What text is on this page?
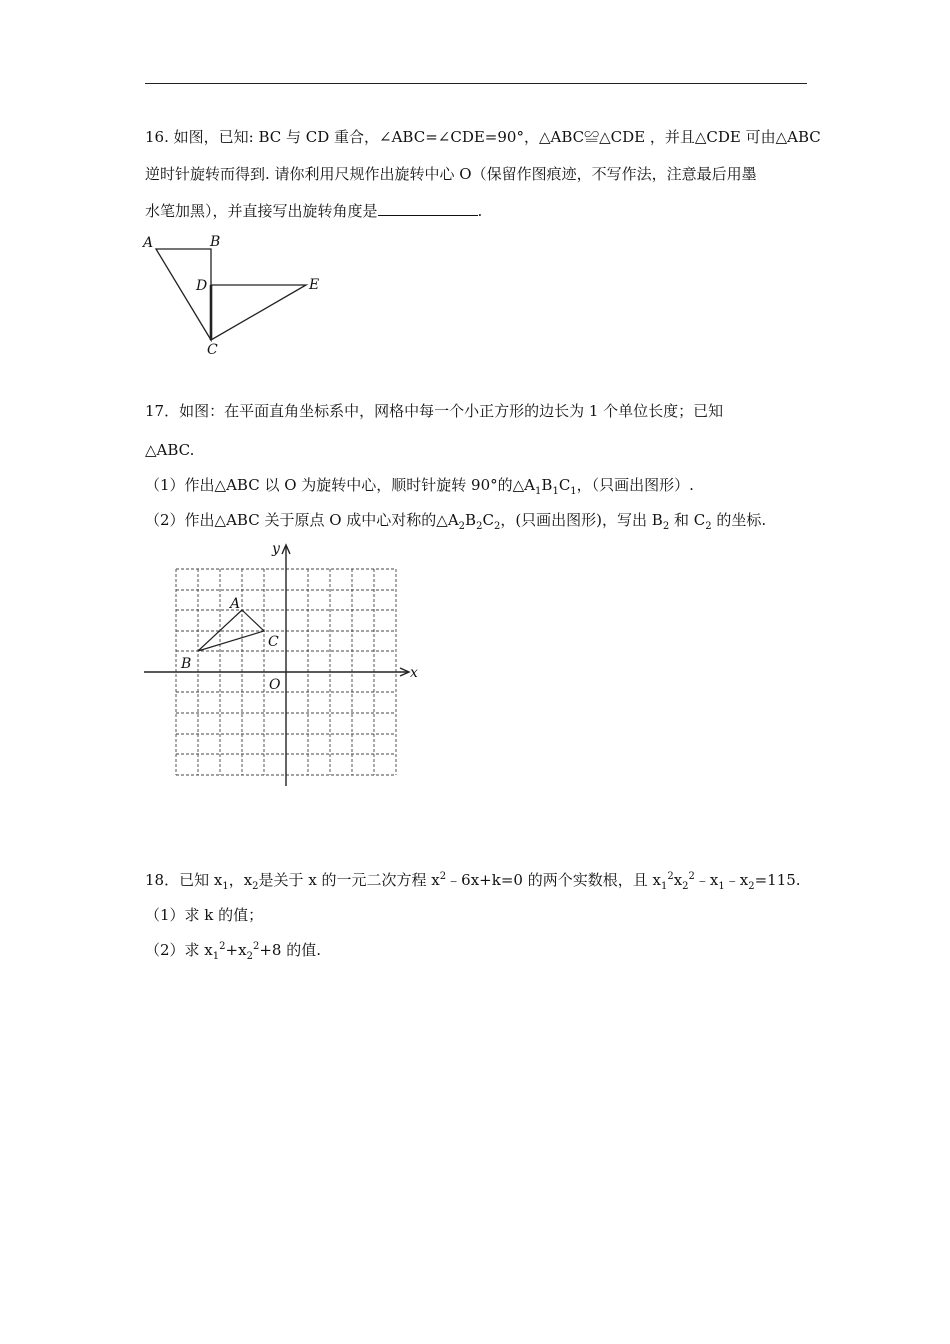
16. 如图，已知: BC 与 CD 重合，∠ABC=∠CDE=90°，△ABC≌△CDE ，并且△CDE 可由△ABC
逆时针旋转而得到. 请你利用尺规作出旋转中心 O（保留作图痕迹，不写作法，注意最后用墨
水笔加黑），并直接写出旋转角度是	.
A	B
D	E
C
17．如图：在平面直角坐标系中，网格中每一个小正方形的边长为 1 个单位长度；已知
△ABC.
（1）作出△ABC 以 O 为旋转中心，顺时针旋转 90°的$\triangle A_1B_1C_1$，（只画出图形）.
（2）作出△ABC 关于原点 O 成中心对称的$\triangle A_2B_2C_2$，(只画出图形)，写出 $B_2$ 和 $C_2$ 的坐标.
y
x
O
A
C
B
18．已知 $x_1$，$x_2$是关于 x 的一元二次方程 $x^2﹣6x+k=0$ 的两个实数根，且 $x_1^2x_2^2﹣x_1﹣x_2=115$.
（1）求 k 的值；
（2）求 $x_1^2+x_2^2+8$ 的值.
